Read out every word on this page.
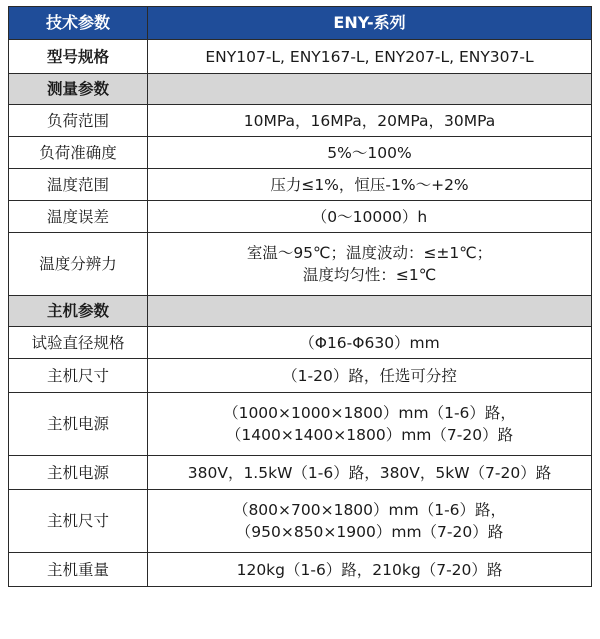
技术参数	ENY-系列
型号规格	ENY107-L, ENY167-L, ENY207-L, ENY307-L
测量参数	
负荷范围	10MPa，16MPa，20MPa，30MPa

负荷准确度	5%～100%

温度范围	压力≤1%，恒压-1%～+2%

温度误差	（0～10000）h

温度分辨力	室温～95℃；温度波动：≤±1℃；
温度均匀性：≤1℃

主机参数	
试验直径规格	（Φ16-Φ630）mm

主机尺寸	（1-20）路，任选可分控

主机电源	（1000×1000×1800）mm（1-6）路，
（1400×1400×1800）mm（7-20）路

主机电源	380V，1.5kW（1-6）路，380V，5kW（7-20）路

主机尺寸	（800×700×1800）mm（1-6）路，
（950×850×1900）mm（7-20）路

主机重量	120kg（1-6）路，210kg（7-20）路
